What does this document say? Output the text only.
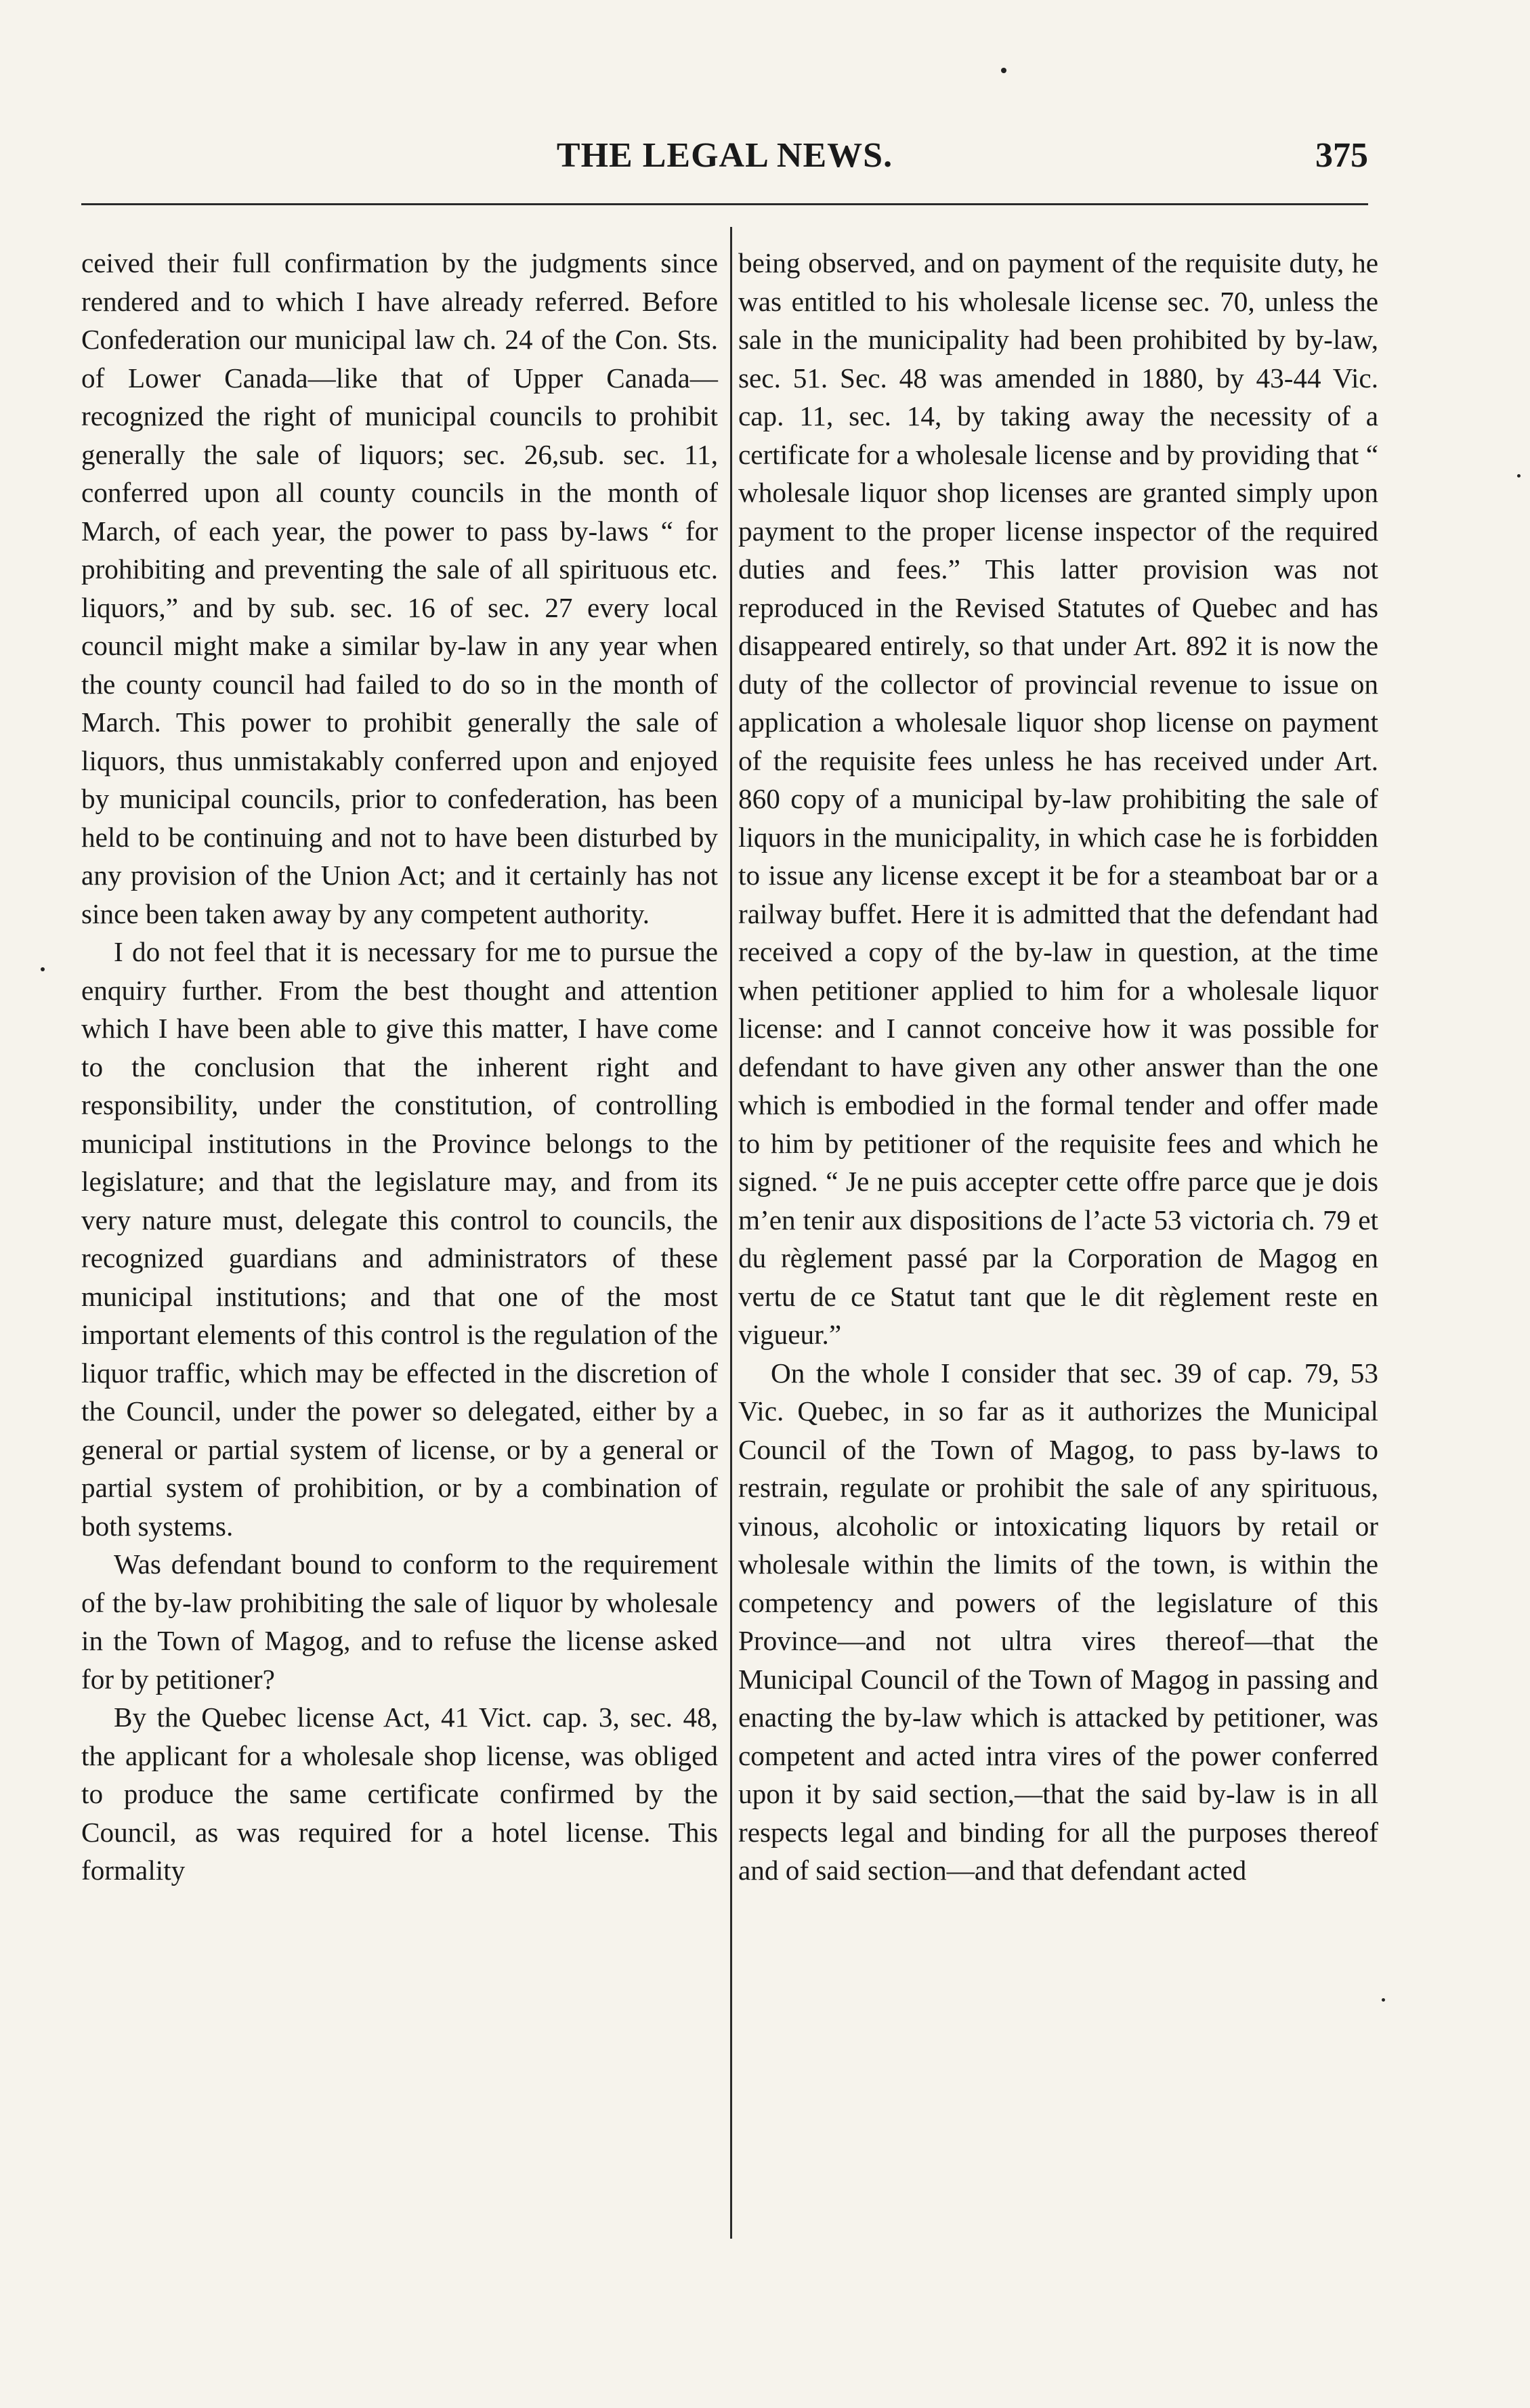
THE LEGAL NEWS.	375

ceived their full confirmation by the judgments since rendered and to which I have already referred. Before Confederation our municipal law ch. 24 of the Con. Sts. of Lower Canada—like that of Upper Canada—recognized the right of municipal councils to prohibit generally the sale of liquors; sec. 26,sub. sec. 11, conferred upon all county councils in the month of March, of each year, the power to pass by-laws “ for prohibiting and preventing the sale of all spirituous etc. liquors,” and by sub. sec. 16 of sec. 27 every local council might make a similar by-law in any year when the county council had failed to do so in the month of March. This power to prohibit generally the sale of liquors, thus unmistakably conferred upon and enjoyed by municipal councils, prior to confederation, has been held to be continuing and not to have been disturbed by any provision of the Union Act; and it certainly has not since been taken away by any competent authority.

I do not feel that it is necessary for me to pursue the enquiry further. From the best thought and attention which I have been able to give this matter, I have come to the conclusion that the inherent right and responsibility, under the constitution, of controlling municipal institutions in the Province belongs to the legislature; and that the legislature may, and from its very nature must, delegate this control to councils, the recognized guardians and administrators of these municipal institutions; and that one of the most important elements of this control is the regulation of the liquor traffic, which may be effected in the discretion of the Council, under the power so delegated, either by a general or partial system of license, or by a general or partial system of prohibition, or by a combination of both systems.

Was defendant bound to conform to the requirement of the by-law prohibiting the sale of liquor by wholesale in the Town of Magog, and to refuse the license asked for by petitioner?

By the Quebec license Act, 41 Vict. cap. 3, sec. 48, the applicant for a wholesale shop license, was obliged to produce the same certificate confirmed by the Council, as was required for a hotel license. This formality

being observed, and on payment of the requisite duty, he was entitled to his wholesale license sec. 70, unless the sale in the municipality had been prohibited by by-law, sec. 51. Sec. 48 was amended in 1880, by 43-44 Vic. cap. 11, sec. 14, by taking away the necessity of a certificate for a wholesale license and by providing that “ wholesale liquor shop licenses are granted simply upon payment to the proper license inspector of the required duties and fees.” This latter provision was not reproduced in the Revised Statutes of Quebec and has disappeared entirely, so that under Art. 892 it is now the duty of the collector of provincial revenue to issue on application a wholesale liquor shop license on payment of the requisite fees unless he has received under Art. 860 copy of a municipal by-law prohibiting the sale of liquors in the municipality, in which case he is forbidden to issue any license except it be for a steamboat bar or a railway buffet. Here it is admitted that the defendant had received a copy of the by-law in question, at the time when petitioner applied to him for a wholesale liquor license: and I cannot conceive how it was possible for defendant to have given any other answer than the one which is embodied in the formal tender and offer made to him by petitioner of the requisite fees and which he signed. “ Je ne puis accepter cette offre parce que je dois m’en tenir aux dispositions de l’acte 53 victoria ch. 79 et du règlement passé par la Corporation de Magog en vertu de ce Statut tant que le dit règlement reste en vigueur.”

On the whole I consider that sec. 39 of cap. 79, 53 Vic. Quebec, in so far as it authorizes the Municipal Council of the Town of Magog, to pass by-laws to restrain, regulate or prohibit the sale of any spirituous, vinous, alcoholic or intoxicating liquors by retail or wholesale within the limits of the town, is within the competency and powers of the legislature of this Province—and not ultra vires thereof—that the Municipal Council of the Town of Magog in passing and enacting the by-law which is attacked by petitioner, was competent and acted intra vires of the power conferred upon it by said section,—that the said by-law is in all respects legal and binding for all the purposes thereof and of said section—and that defendant acted
